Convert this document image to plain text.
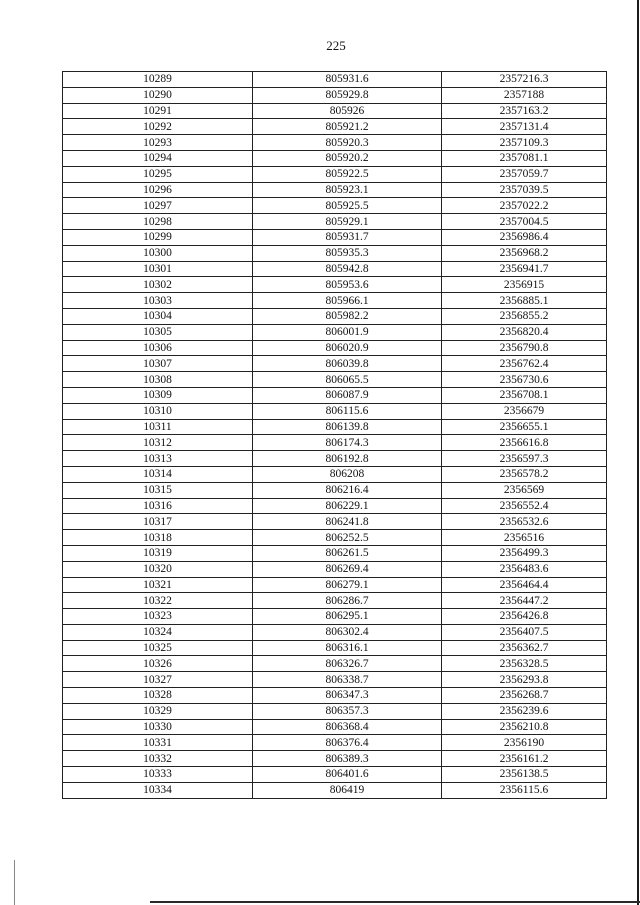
225
10289	805931.6	2357216.3
10290	805929.8	2357188
10291	805926	2357163.2
10292	805921.2	2357131.4
10293	805920.3	2357109.3
10294	805920.2	2357081.1
10295	805922.5	2357059.7
10296	805923.1	2357039.5
10297	805925.5	2357022.2
10298	805929.1	2357004.5
10299	805931.7	2356986.4
10300	805935.3	2356968.2
10301	805942.8	2356941.7
10302	805953.6	2356915
10303	805966.1	2356885.1
10304	805982.2	2356855.2
10305	806001.9	2356820.4
10306	806020.9	2356790.8
10307	806039.8	2356762.4
10308	806065.5	2356730.6
10309	806087.9	2356708.1
10310	806115.6	2356679
10311	806139.8	2356655.1
10312	806174.3	2356616.8
10313	806192.8	2356597.3
10314	806208	2356578.2
10315	806216.4	2356569
10316	806229.1	2356552.4
10317	806241.8	2356532.6
10318	806252.5	2356516
10319	806261.5	2356499.3
10320	806269.4	2356483.6
10321	806279.1	2356464.4
10322	806286.7	2356447.2
10323	806295.1	2356426.8
10324	806302.4	2356407.5
10325	806316.1	2356362.7
10326	806326.7	2356328.5
10327	806338.7	2356293.8
10328	806347.3	2356268.7
10329	806357.3	2356239.6
10330	806368.4	2356210.8
10331	806376.4	2356190
10332	806389.3	2356161.2
10333	806401.6	2356138.5
10334	806419	2356115.6
